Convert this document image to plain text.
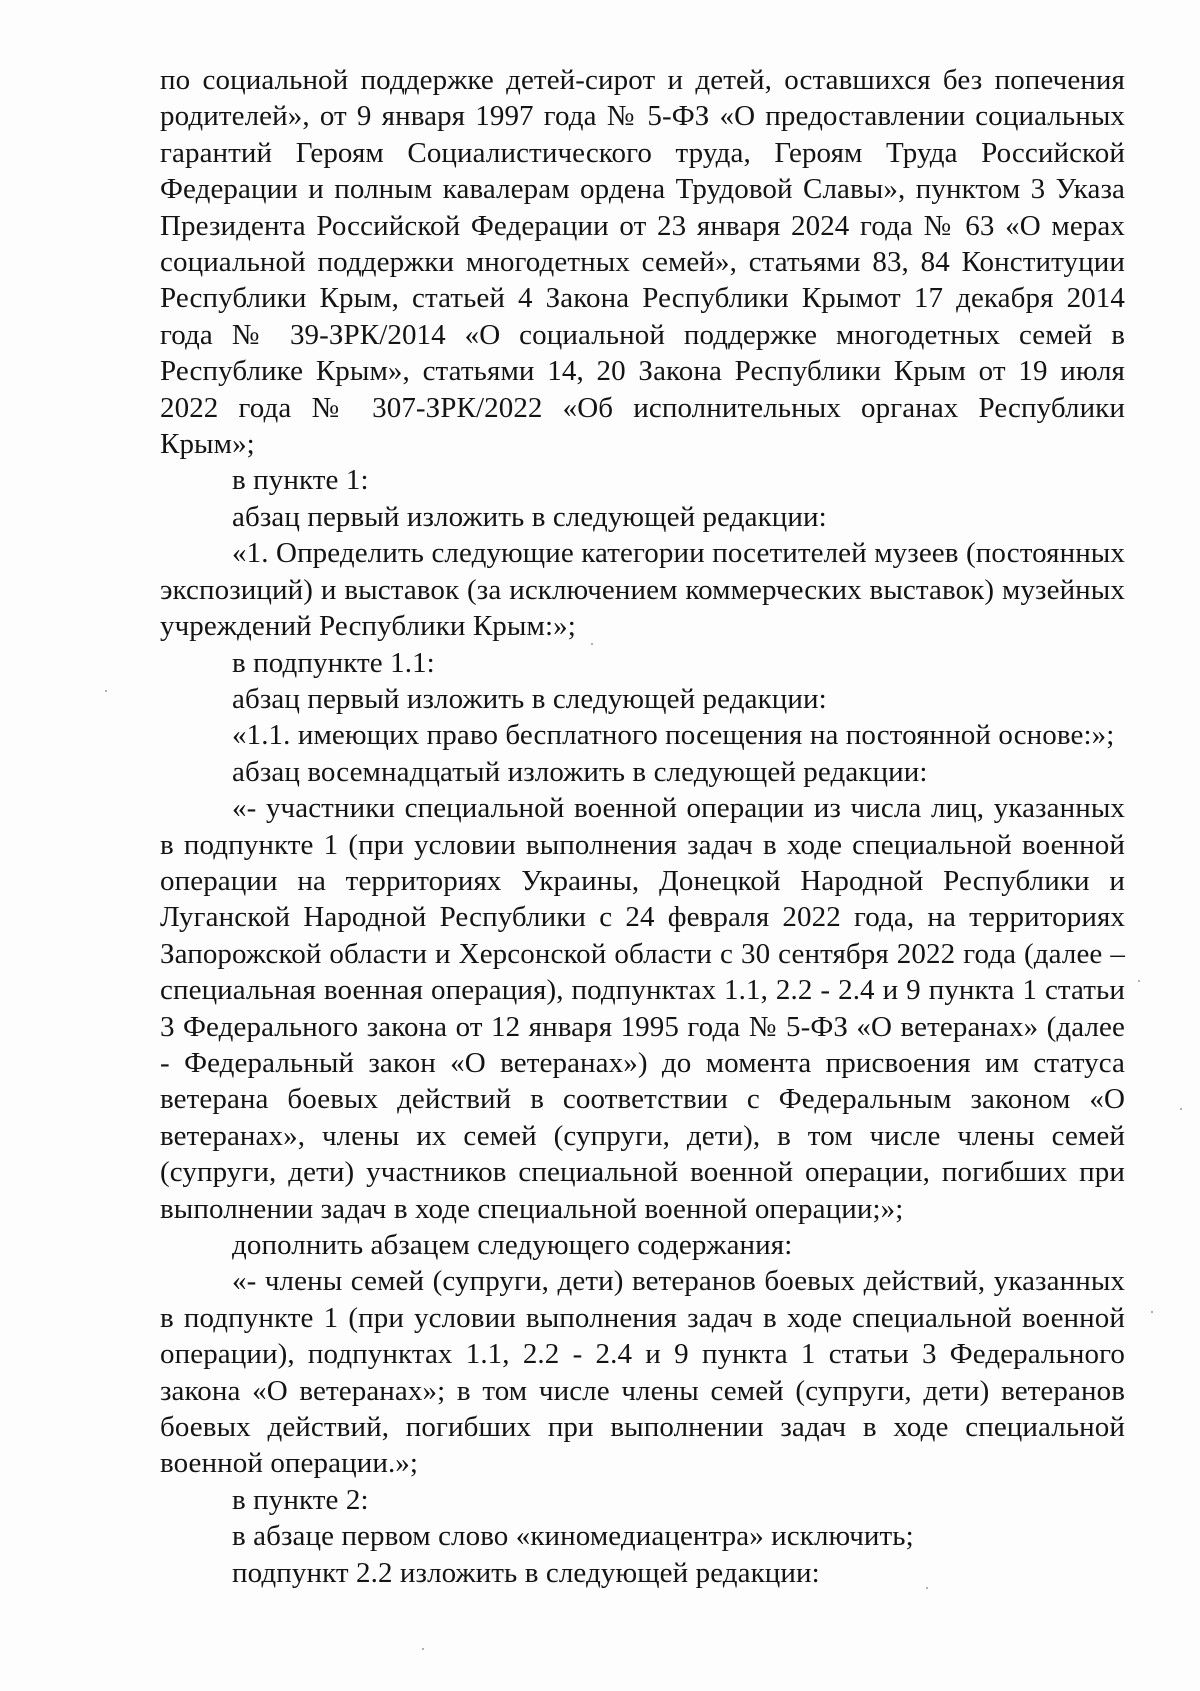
по социальной поддержке детей-сирот и детей, оставшихся без попечения родителей», от 9 января 1997 года № 5-ФЗ «О предоставлении социальных гарантий Героям Социалистического труда, Героям Труда Российской Федерации и полным кавалерам ордена Трудовой Славы», пунктом 3 Указа Президента Российской Федерации от 23 января 2024 года № 63 «О мерах социальной поддержки многодетных семей», статьями 83, 84 Конституции Республики Крым, статьей 4 Закона Республики Крымот 17 декабря 2014 года № 39-ЗРК/2014 «О социальной поддержке многодетных семей в Республике Крым», статьями 14, 20 Закона Республики Крым от 19 июля 2022 года № 307-ЗРК/2022 «Об исполнительных органах Республики Крым»;

в пункте 1:

абзац первый изложить в следующей редакции:

«1. Определить следующие категории посетителей музеев (постоянных экспозиций) и выставок (за исключением коммерческих выставок) музейных учреждений Республики Крым:»;

в подпункте 1.1:

абзац первый изложить в следующей редакции:

«1.1. имеющих право бесплатного посещения на постоянной основе:»;

абзац восемнадцатый изложить в следующей редакции:

«- участники специальной военной операции из числа лиц, указанных в подпункте 1 (при условии выполнения задач в ходе специальной военной операции на территориях Украины, Донецкой Народной Республики и Луганской Народной Республики с 24 февраля 2022 года, на территориях Запорожской области и Херсонской области с 30 сентября 2022 года (далее – специальная военная операция), подпунктах 1.1, 2.2 - 2.4 и 9 пункта 1 статьи 3 Федерального закона от 12 января 1995 года № 5-ФЗ «О ветеранах» (далее - Федеральный закон «О ветеранах») до момента присвоения им статуса ветерана боевых действий в соответствии с Федеральным законом «О ветеранах», члены их семей (супруги, дети), в том числе члены семей (супруги, дети) участников специальной военной операции, погибших при выполнении задач в ходе специальной военной операции;»;

дополнить абзацем следующего содержания:

«- члены семей (супруги, дети) ветеранов боевых действий, указанных в подпункте 1 (при условии выполнения задач в ходе специальной военной операции), подпунктах 1.1, 2.2 - 2.4 и 9 пункта 1 статьи 3 Федерального закона «О ветеранах»; в том числе члены семей (супруги, дети) ветеранов боевых действий, погибших при выполнении задач в ходе специальной военной операции.»;

в пункте 2:

в абзаце первом слово «киномедиацентра» исключить;

подпункт 2.2 изложить в следующей редакции:
